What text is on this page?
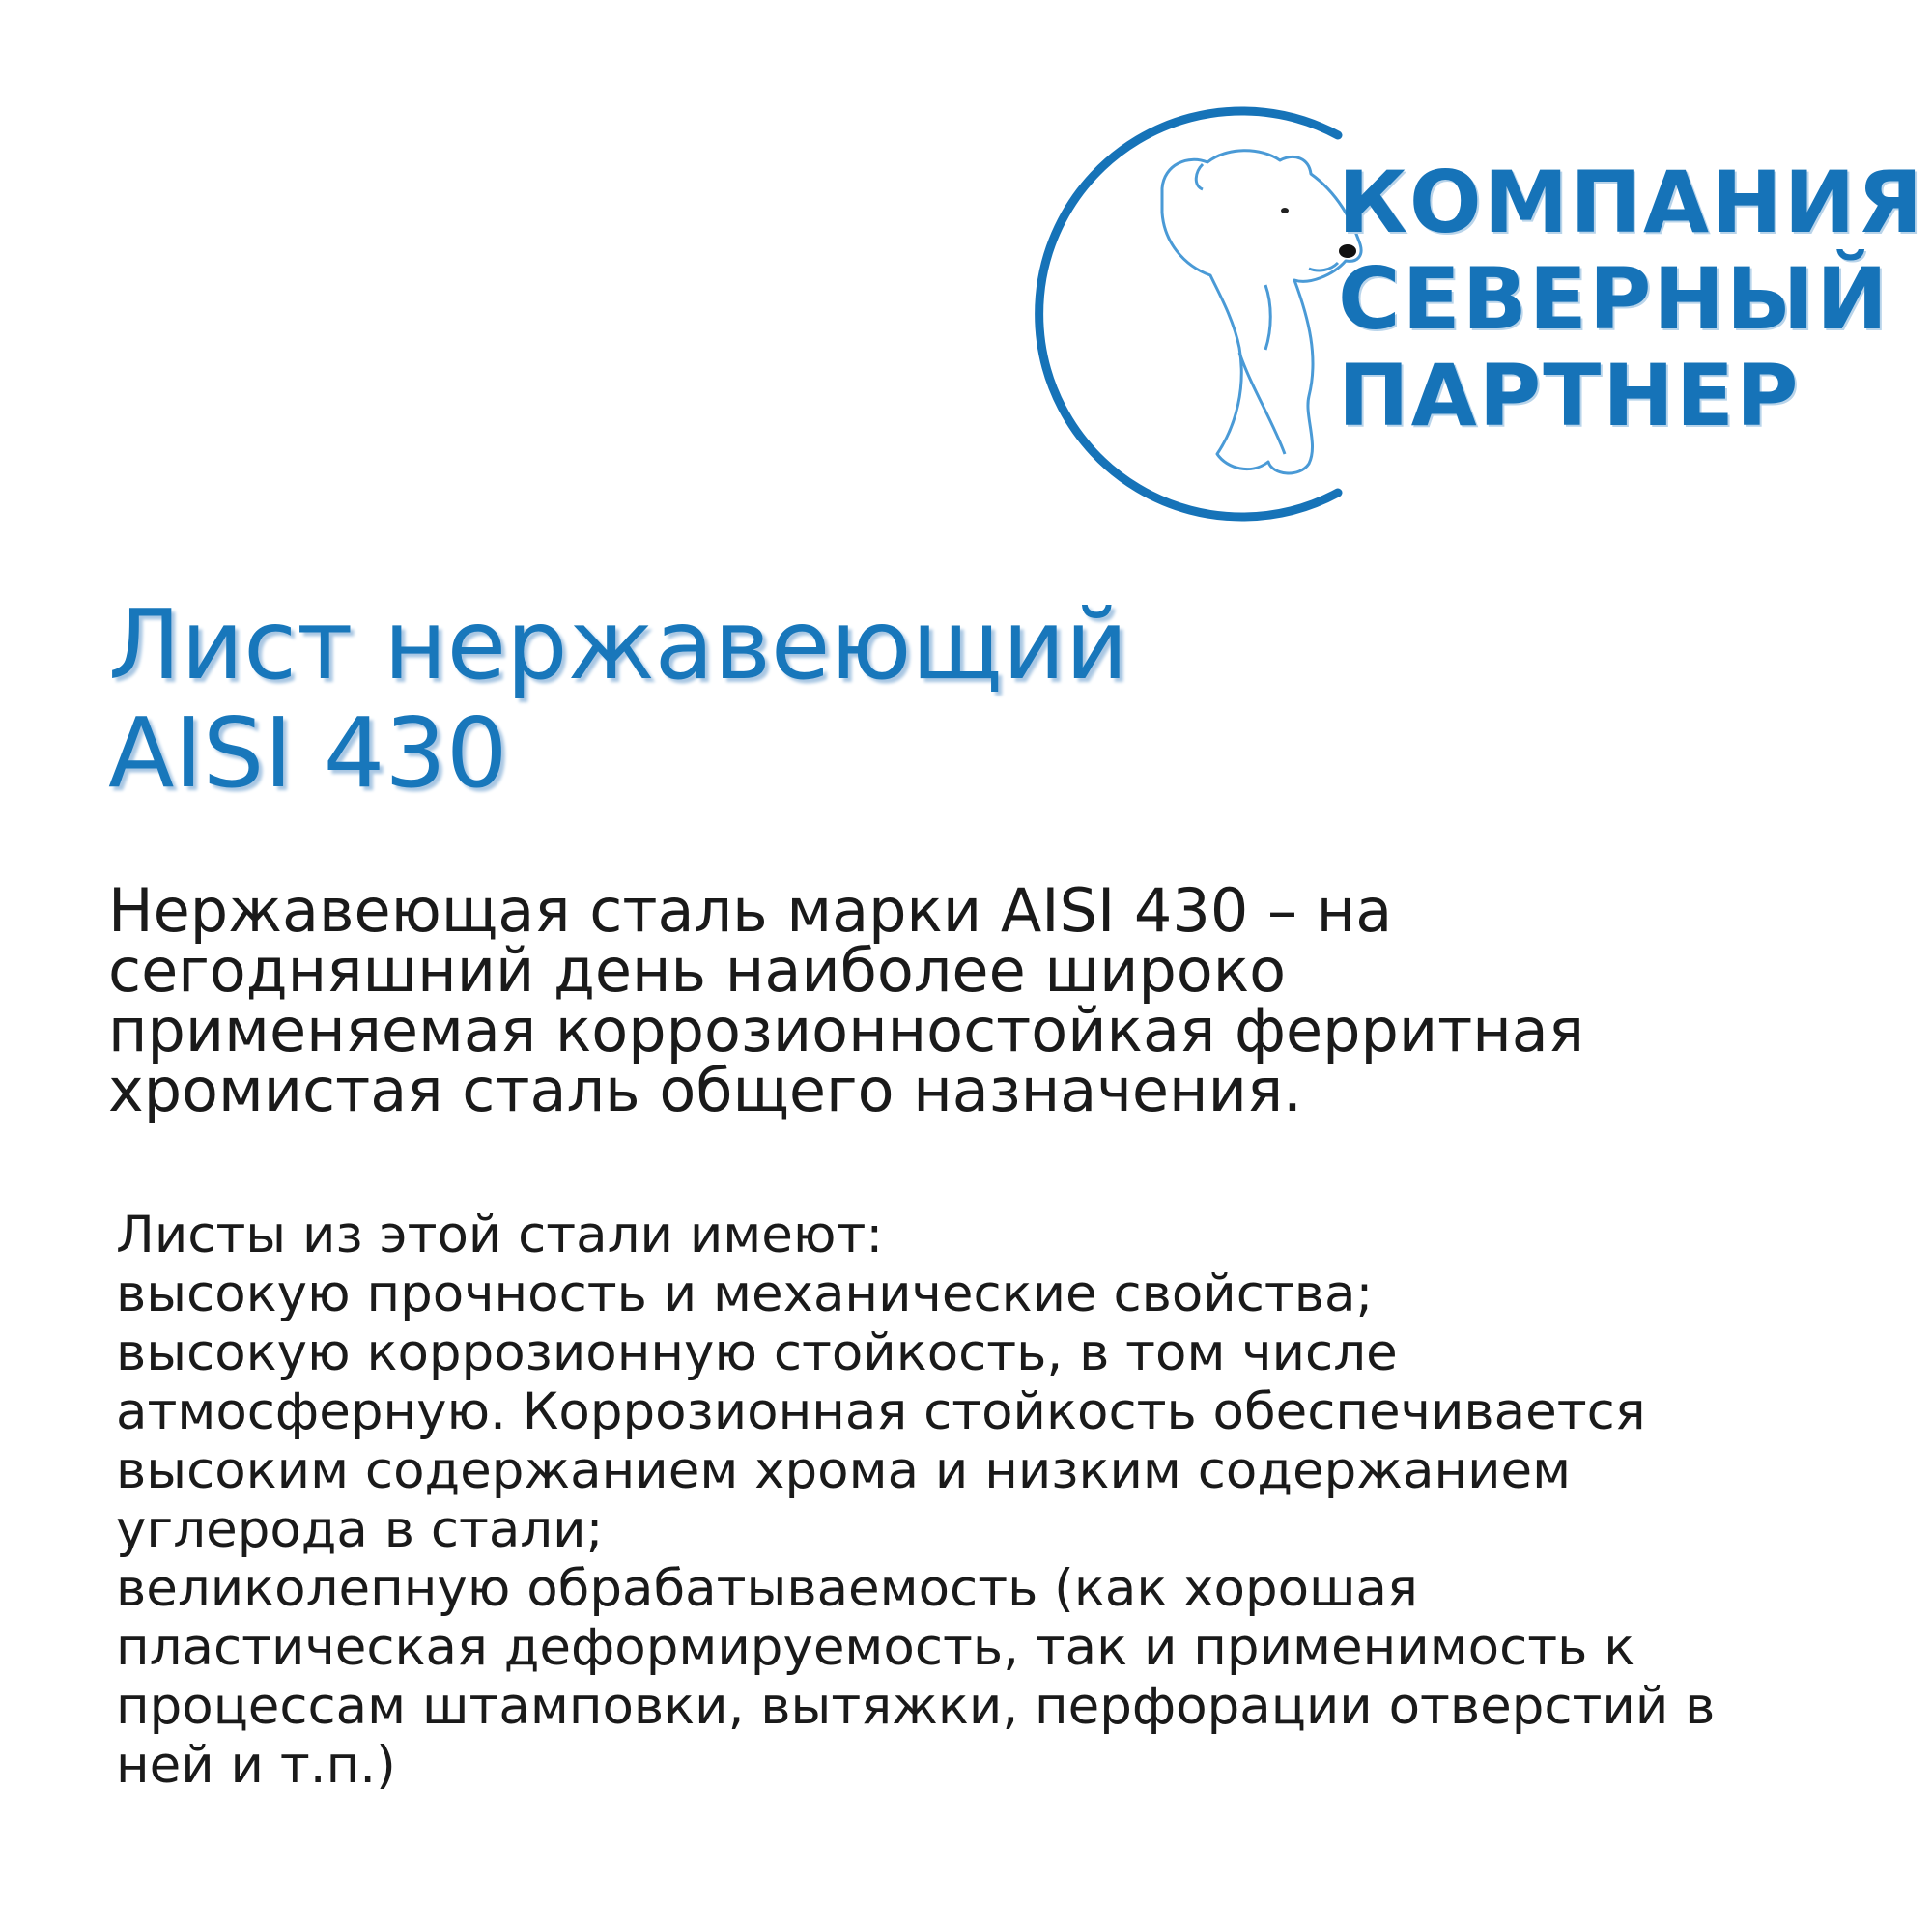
КОМПАНИЯ
СЕВЕРНЫЙ
ПАРТНЕР
Лист нержавеющий
AISI 430
Нержавеющая сталь марки AISI 430 – на
сегодняшний день наиболее широко
применяемая коррозионностойкая ферритная
хромистая сталь общего назначения.
Листы из этой стали имеют:
высокую прочность и механические свойства;
высокую коррозионную стойкость, в том числе
атмосферную. Коррозионная стойкость обеспечивается
высоким содержанием хрома и низким содержанием
углерода в стали;
великолепную обрабатываемость (как хорошая
пластическая деформируемость, так и применимость к
процессам штамповки, вытяжки, перфорации отверстий в
ней и т.п.)
